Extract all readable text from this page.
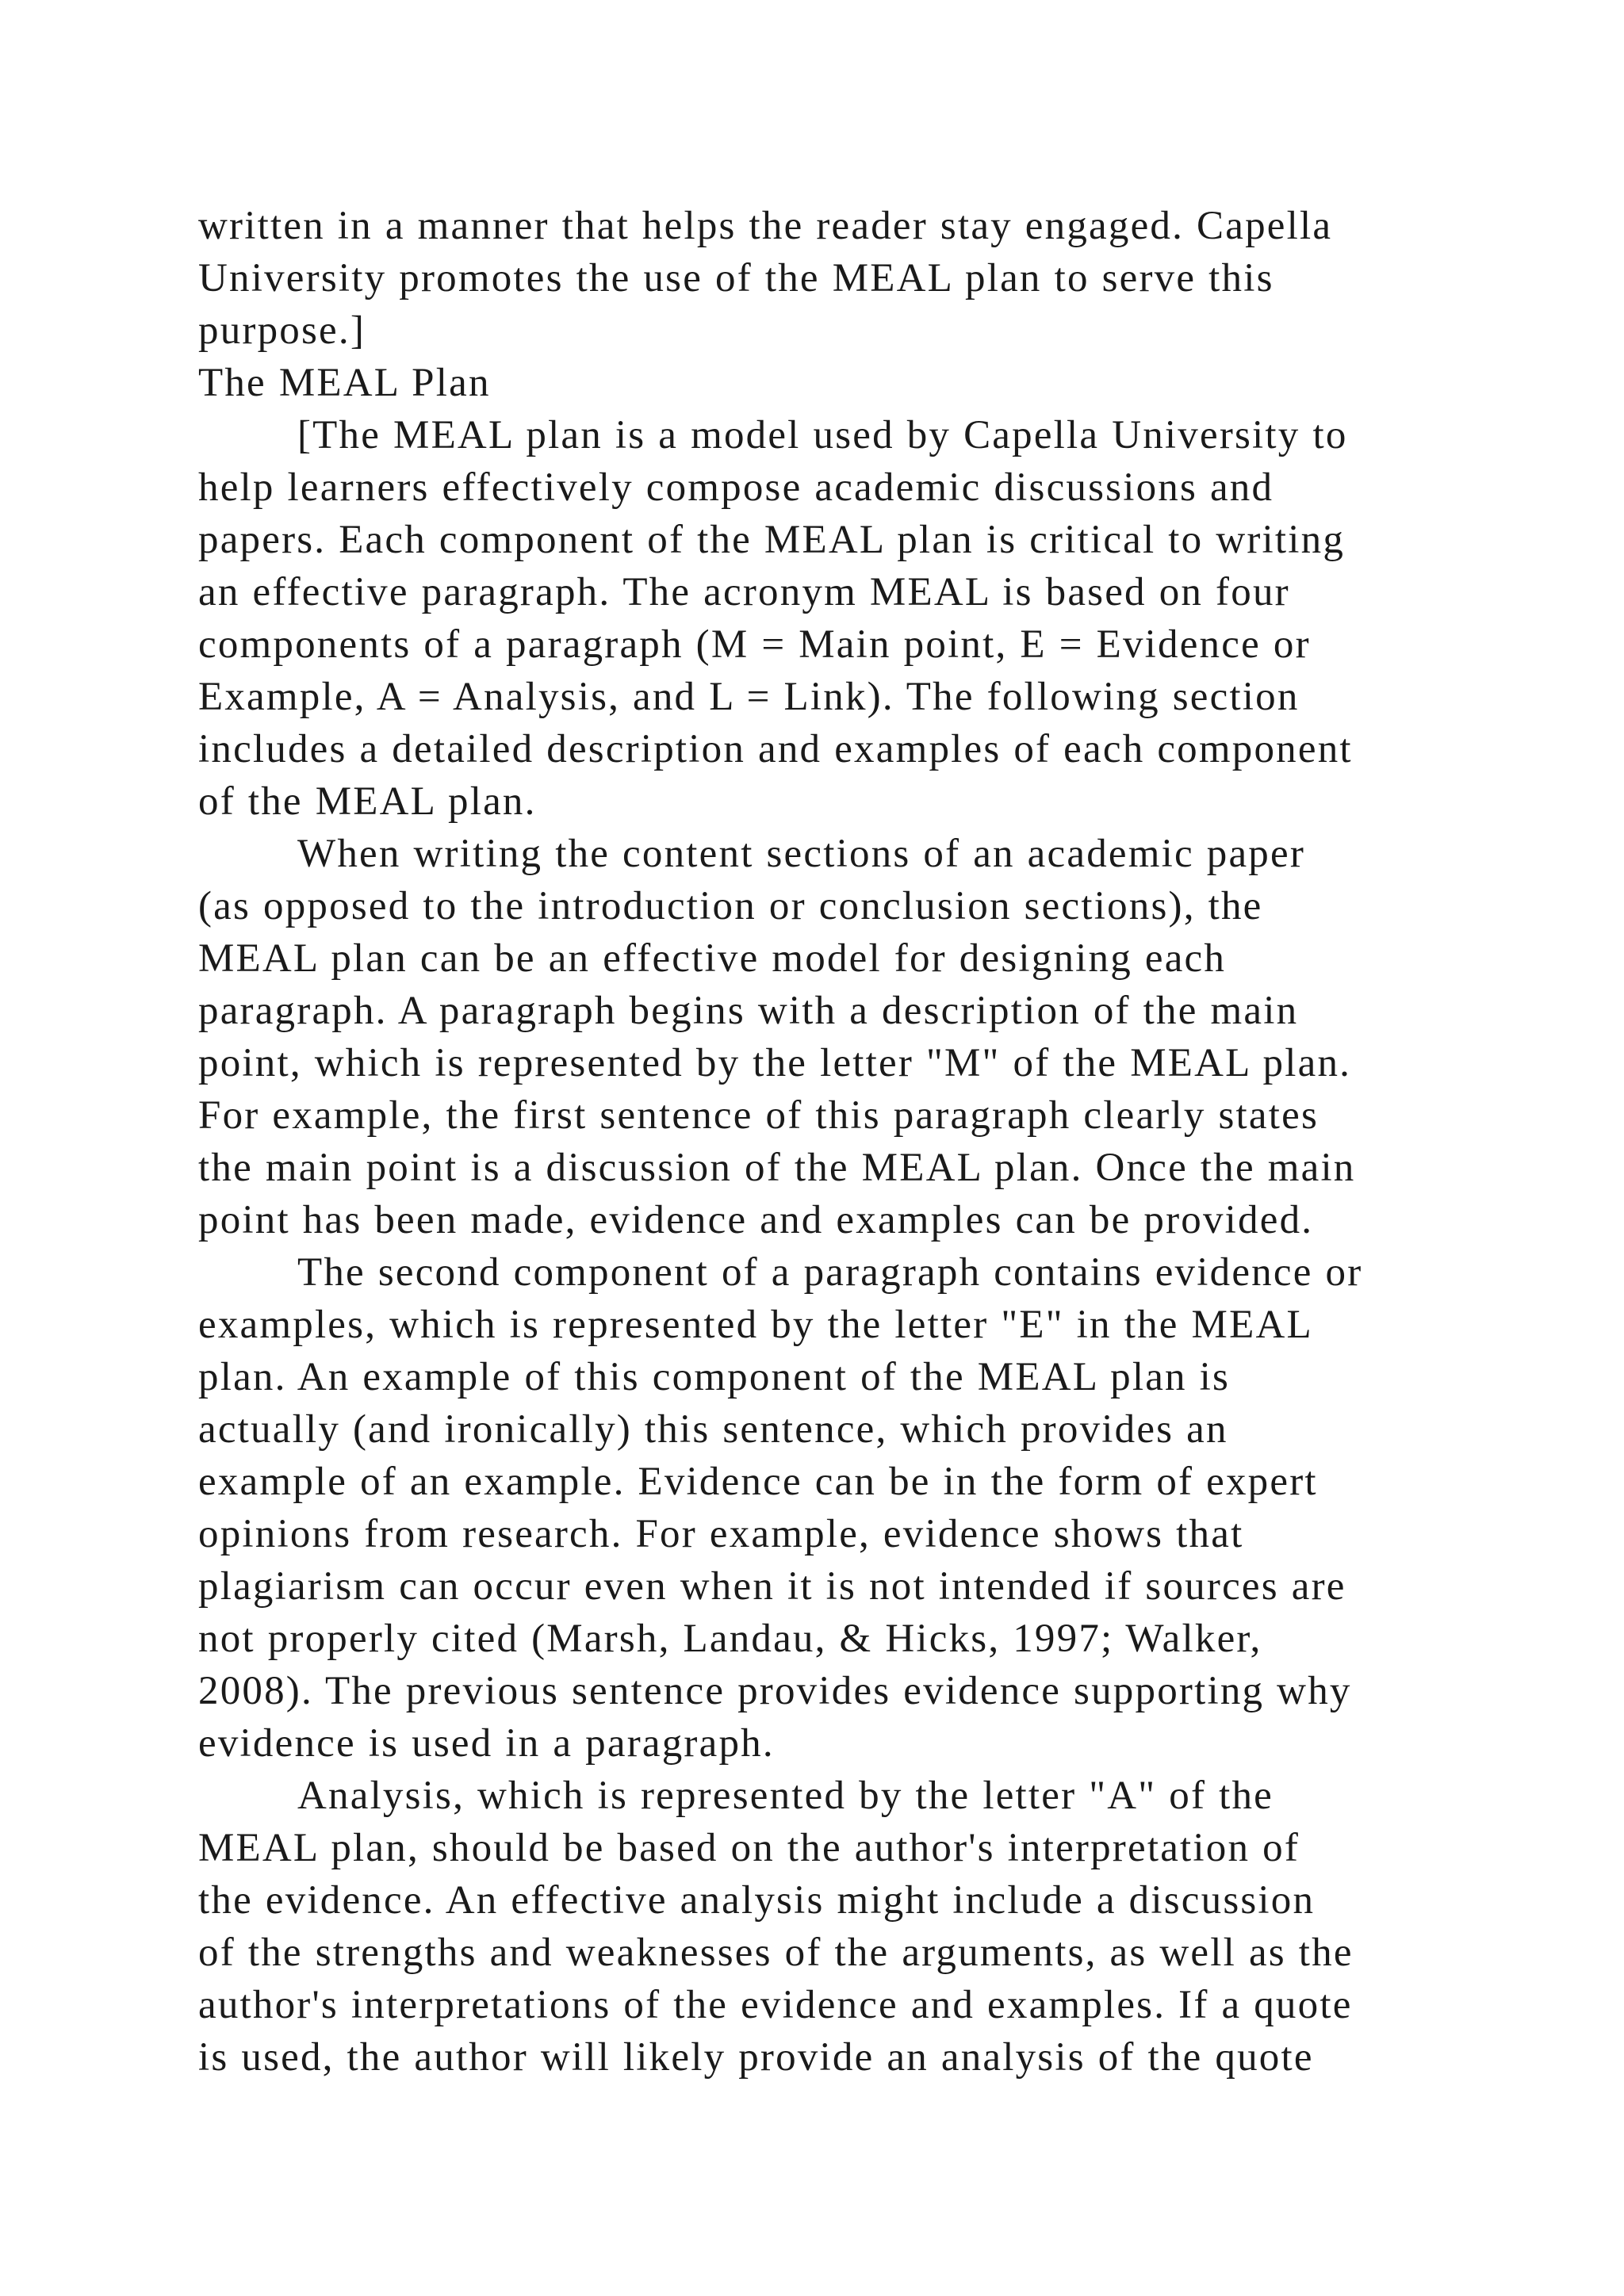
written in a manner that helps the reader stay engaged. Capella
University promotes the use of the MEAL plan to serve this
purpose.]
The MEAL Plan
[The MEAL plan is a model used by Capella University to
help learners effectively compose academic discussions and
papers. Each component of the MEAL plan is critical to writing
an effective paragraph. The acronym MEAL is based on four
components of a paragraph (M = Main point, E = Evidence or
Example, A = Analysis, and L = Link). The following section
includes a detailed description and examples of each component
of the MEAL plan.
When writing the content sections of an academic paper
(as opposed to the introduction or conclusion sections), the
MEAL plan can be an effective model for designing each
paragraph. A paragraph begins with a description of the main
point, which is represented by the letter "M" of the MEAL plan.
For example, the first sentence of this paragraph clearly states
the main point is a discussion of the MEAL plan. Once the main
point has been made, evidence and examples can be provided.
The second component of a paragraph contains evidence or
examples, which is represented by the letter "E" in the MEAL
plan. An example of this component of the MEAL plan is
actually (and ironically) this sentence, which provides an
example of an example. Evidence can be in the form of expert
opinions from research. For example, evidence shows that
plagiarism can occur even when it is not intended if sources are
not properly cited (Marsh, Landau, & Hicks, 1997; Walker,
2008). The previous sentence provides evidence supporting why
evidence is used in a paragraph.
Analysis, which is represented by the letter "A" of the
MEAL plan, should be based on the author's interpretation of
the evidence. An effective analysis might include a discussion
of the strengths and weaknesses of the arguments, as well as the
author's interpretations of the evidence and examples. If a quote
is used, the author will likely provide an analysis of the quote
